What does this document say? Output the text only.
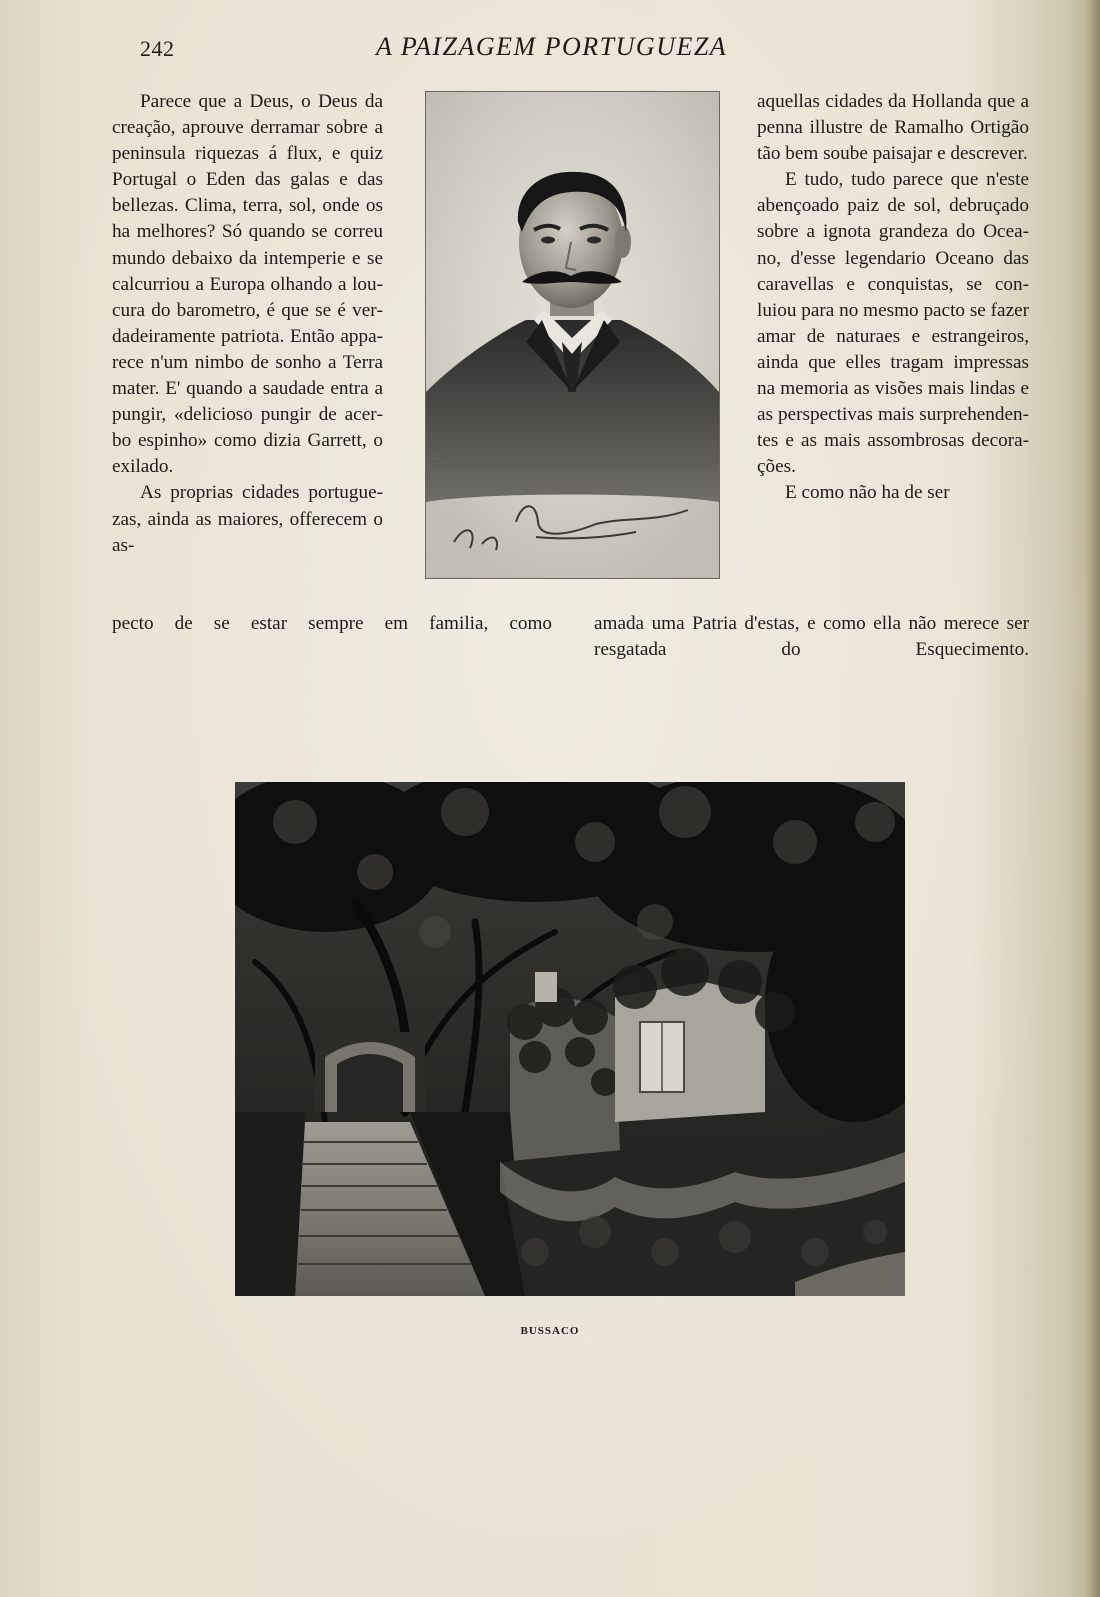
242	A PAIZAGEM PORTUGUEZA

Parece que a Deus, o Deus da creação, aprouve derramar sobre a peninsula riquezas á flux, e quiz Portugal o Eden das galas e das bellezas. Clima, terra, sol, onde os ha melhores? Só quando se correu mundo debaixo da intemperie e se calcurriou a Europa olhando a loucura do barometro, é que se é verdadeiramente patriota. Então apparece n'um nimbo de sonho a Terra mater. E' quando a saudade entra a pungir, «delicioso pungir de acerbo espinho» como dizia Garrett, o exilado.

As proprias cidades portuguezas, ainda as maiores, offerecem o as-

aquellas cidades da Hollanda que a penna illustre de Ramalho Ortigão tão bem soube paisajar e descrever.

E tudo, tudo parece que n'este abençoado paiz de sol, debruçado sobre a ignota grandeza do Oceano, d'esse legendario Oceano das caravellas e conquistas, se conluiou para no mesmo pacto se fazer amar de naturaes e estrangeiros, ainda que elles tragam impressas na memoria as visões mais lindas e as perspectivas mais surprehendentes e as mais assombrosas decorações.

E como não ha de ser

pecto de se estar sempre em familia, como amada uma Patria d'estas, e como ella não merece ser resgatada do Esquecimento.
BUSSACO
